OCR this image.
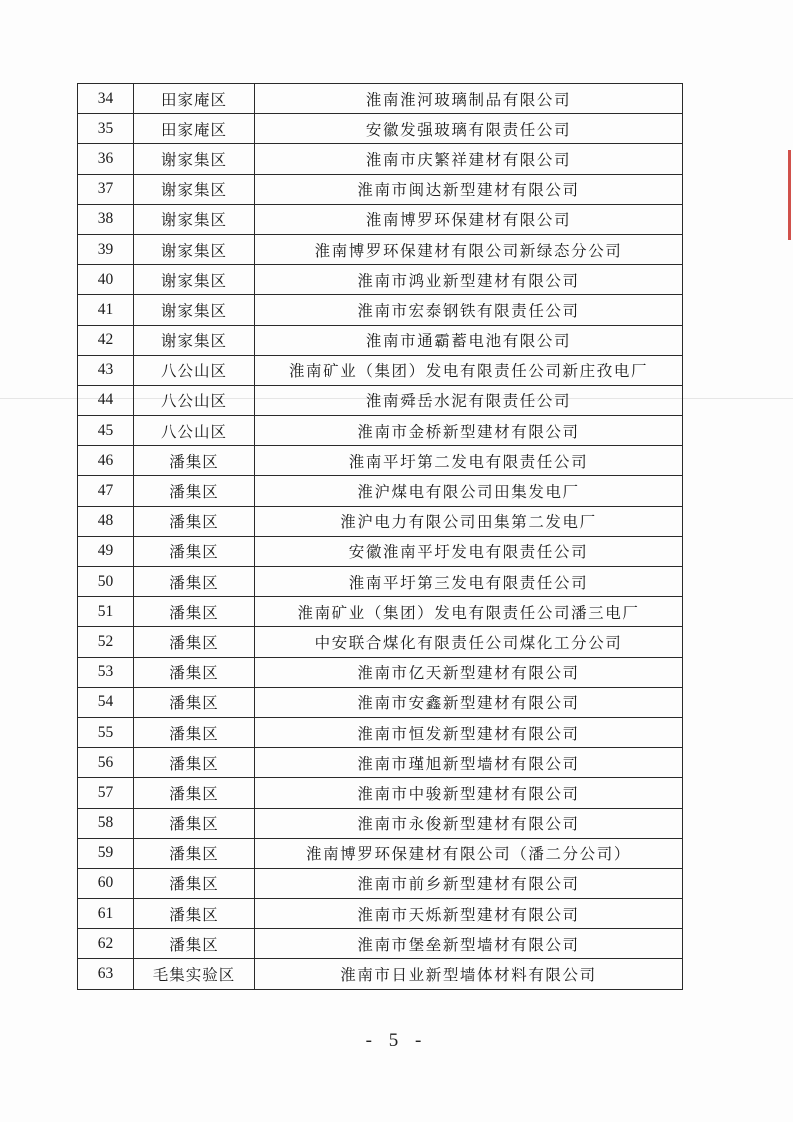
34	田家庵区	淮南淮河玻璃制品有限公司
35	田家庵区	安徽发强玻璃有限责任公司
36	谢家集区	淮南市庆繁祥建材有限公司
37	谢家集区	淮南市闽达新型建材有限公司
38	谢家集区	淮南博罗环保建材有限公司
39	谢家集区	淮南博罗环保建材有限公司新绿态分公司
40	谢家集区	淮南市鸿业新型建材有限公司
41	谢家集区	淮南市宏泰钢铁有限责任公司
42	谢家集区	淮南市通霸蓄电池有限公司
43	八公山区	淮南矿业（集团）发电有限责任公司新庄孜电厂
44	八公山区	淮南舜岳水泥有限责任公司
45	八公山区	淮南市金桥新型建材有限公司
46	潘集区	淮南平圩第二发电有限责任公司
47	潘集区	淮沪煤电有限公司田集发电厂
48	潘集区	淮沪电力有限公司田集第二发电厂
49	潘集区	安徽淮南平圩发电有限责任公司
50	潘集区	淮南平圩第三发电有限责任公司
51	潘集区	淮南矿业（集团）发电有限责任公司潘三电厂
52	潘集区	中安联合煤化有限责任公司煤化工分公司
53	潘集区	淮南市亿天新型建材有限公司
54	潘集区	淮南市安鑫新型建材有限公司
55	潘集区	淮南市恒发新型建材有限公司
56	潘集区	淮南市瑾旭新型墙材有限公司
57	潘集区	淮南市中骏新型建材有限公司
58	潘集区	淮南市永俊新型建材有限公司
59	潘集区	淮南博罗环保建材有限公司（潘二分公司）
60	潘集区	淮南市前乡新型建材有限公司
61	潘集区	淮南市天烁新型建材有限公司
62	潘集区	淮南市堡垒新型墙材有限公司
63	毛集实验区	淮南市日业新型墙体材料有限公司
- 5 -
